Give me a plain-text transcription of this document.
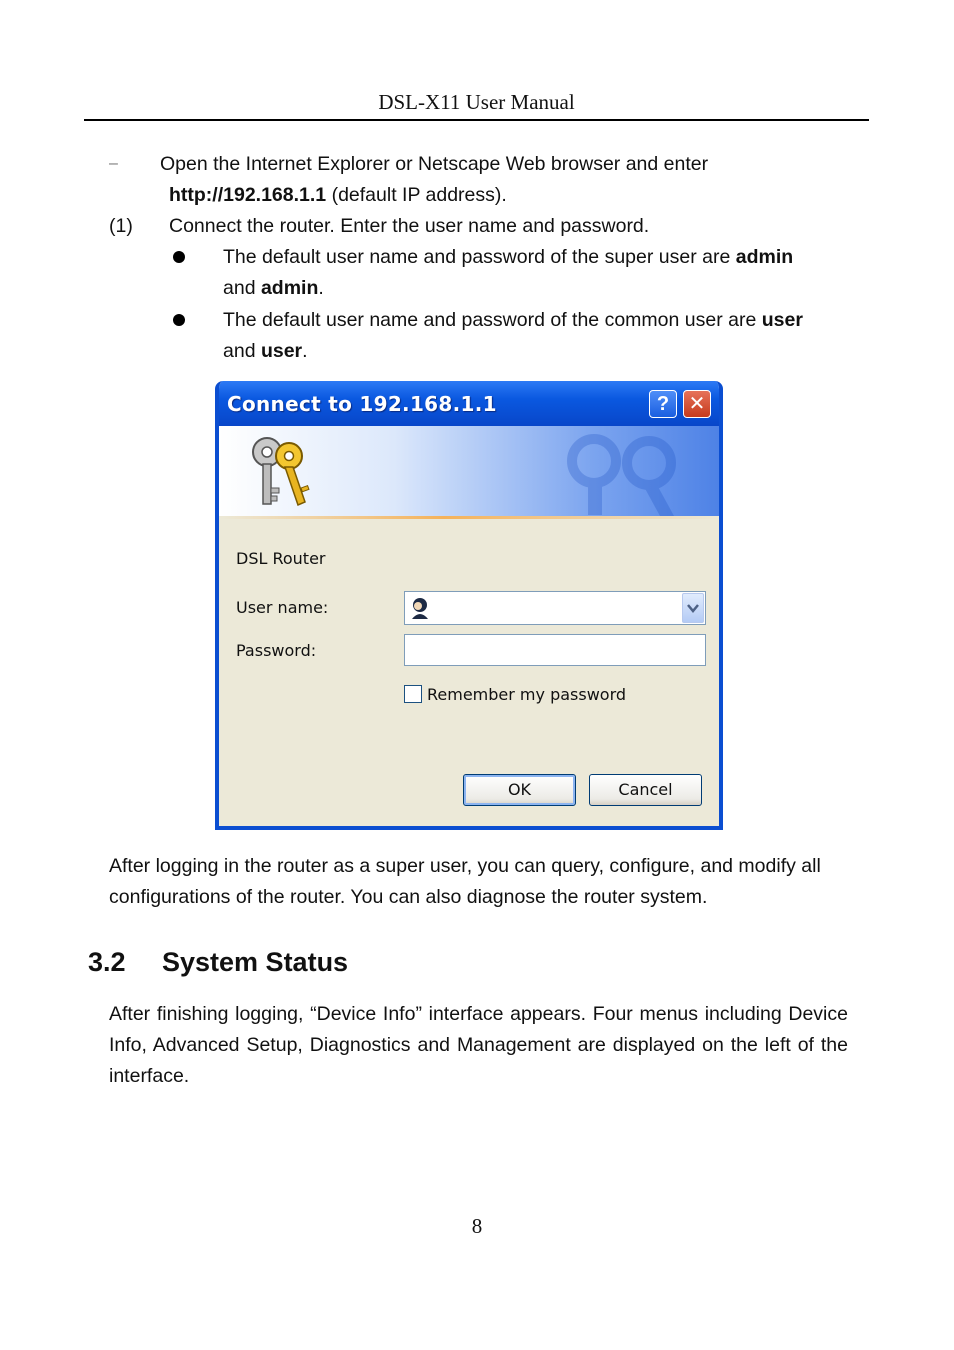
DSL-X11 User Manual
– Open the Internet Explorer or Netscape Web browser and enter
http://192.168.1.1 (default IP address).
(1) Connect the router. Enter the user name and password.
The default user name and password of the super user are admin
and admin.
The default user name and password of the common user are user
and user.
Connect to 192.168.1.1	? ✕
DSL Router
User name:
Password:
Remember my password
OK	Cancel
After logging in the router as a super user, you can query, configure, and modify all configurations of the router. You can also diagnose the router system.
3.2 System Status
After finishing logging, “Device Info” interface appears. Four menus including Device Info, Advanced Setup, Diagnostics and Management are displayed on the left of the interface.
8
